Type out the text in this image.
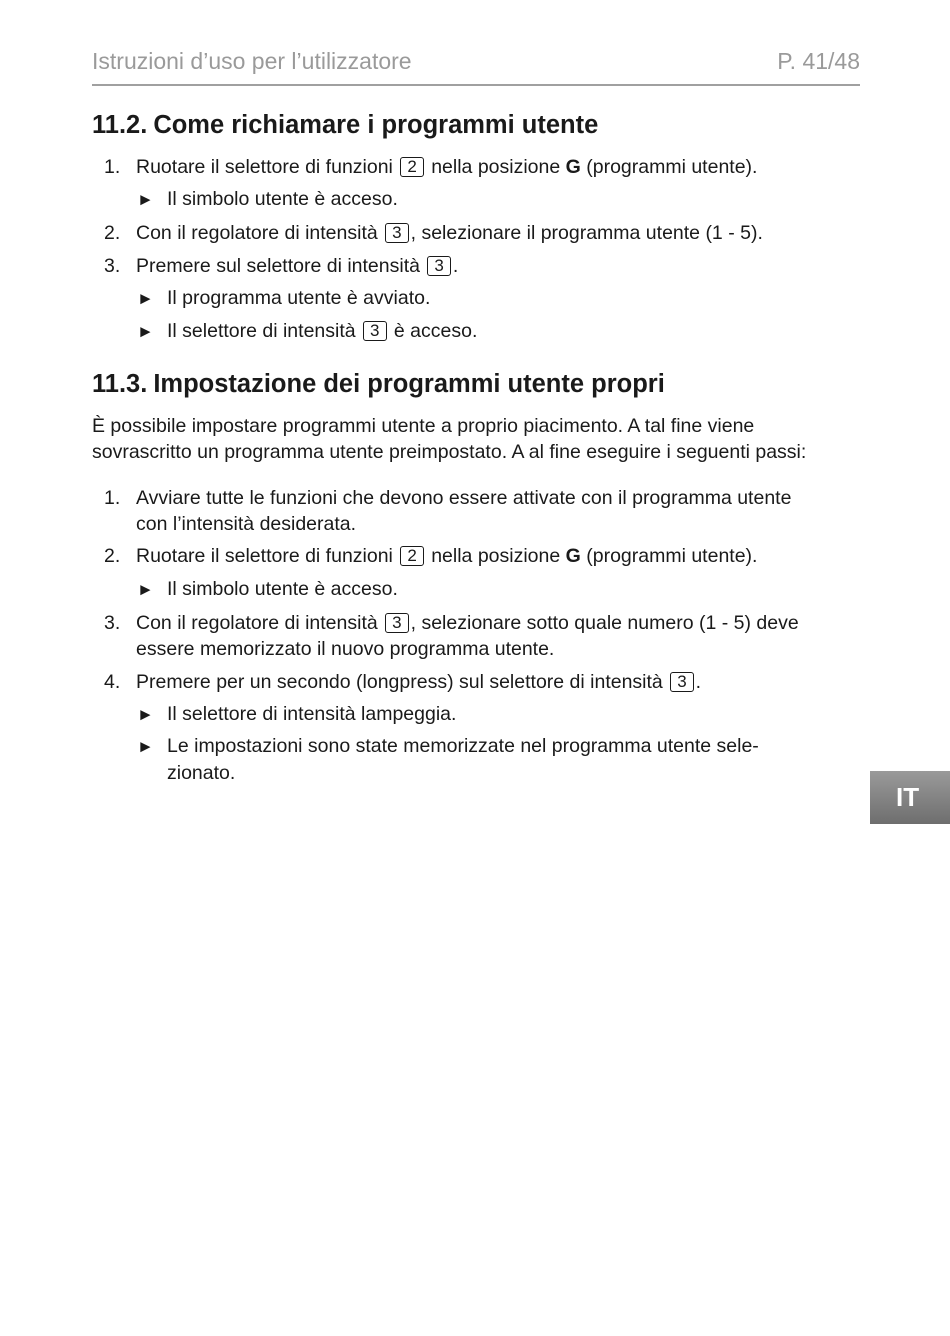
Istruzioni d’uso per l’utilizzatore	P. 41/48
11.2. Come richiamare i programmi utente
1. Ruotare il selettore di funzioni 2 nella posizione G (programmi utente).
► Il simbolo utente è acceso.
2. Con il regolatore di intensità 3 , selezionare il programma utente (1 - 5).
3. Premere sul selettore di intensità 3 .
► Il programma utente è avviato.
► Il selettore di intensità 3 è acceso.
11.3. Impostazione dei programmi utente propri
È possibile impostare programmi utente a proprio piacimento. A tal fine viene
sovrascritto un programma utente preimpostato. A al fine eseguire i seguenti passi:
1. Avviare tutte le funzioni che devono essere attivate con il programma utente
con l’intensità desiderata.
2. Ruotare il selettore di funzioni 2 nella posizione G (programmi utente).
► Il simbolo utente è acceso.
3. Con il regolatore di intensità 3 , selezionare sotto quale numero (1 - 5) deve
essere memorizzato il nuovo programma utente.
4. Premere per un secondo (longpress) sul selettore di intensità 3 .
► Il selettore di intensità lampeggia.
► Le impostazioni sono state memorizzate nel programma utente sele-
zionato.
IT
